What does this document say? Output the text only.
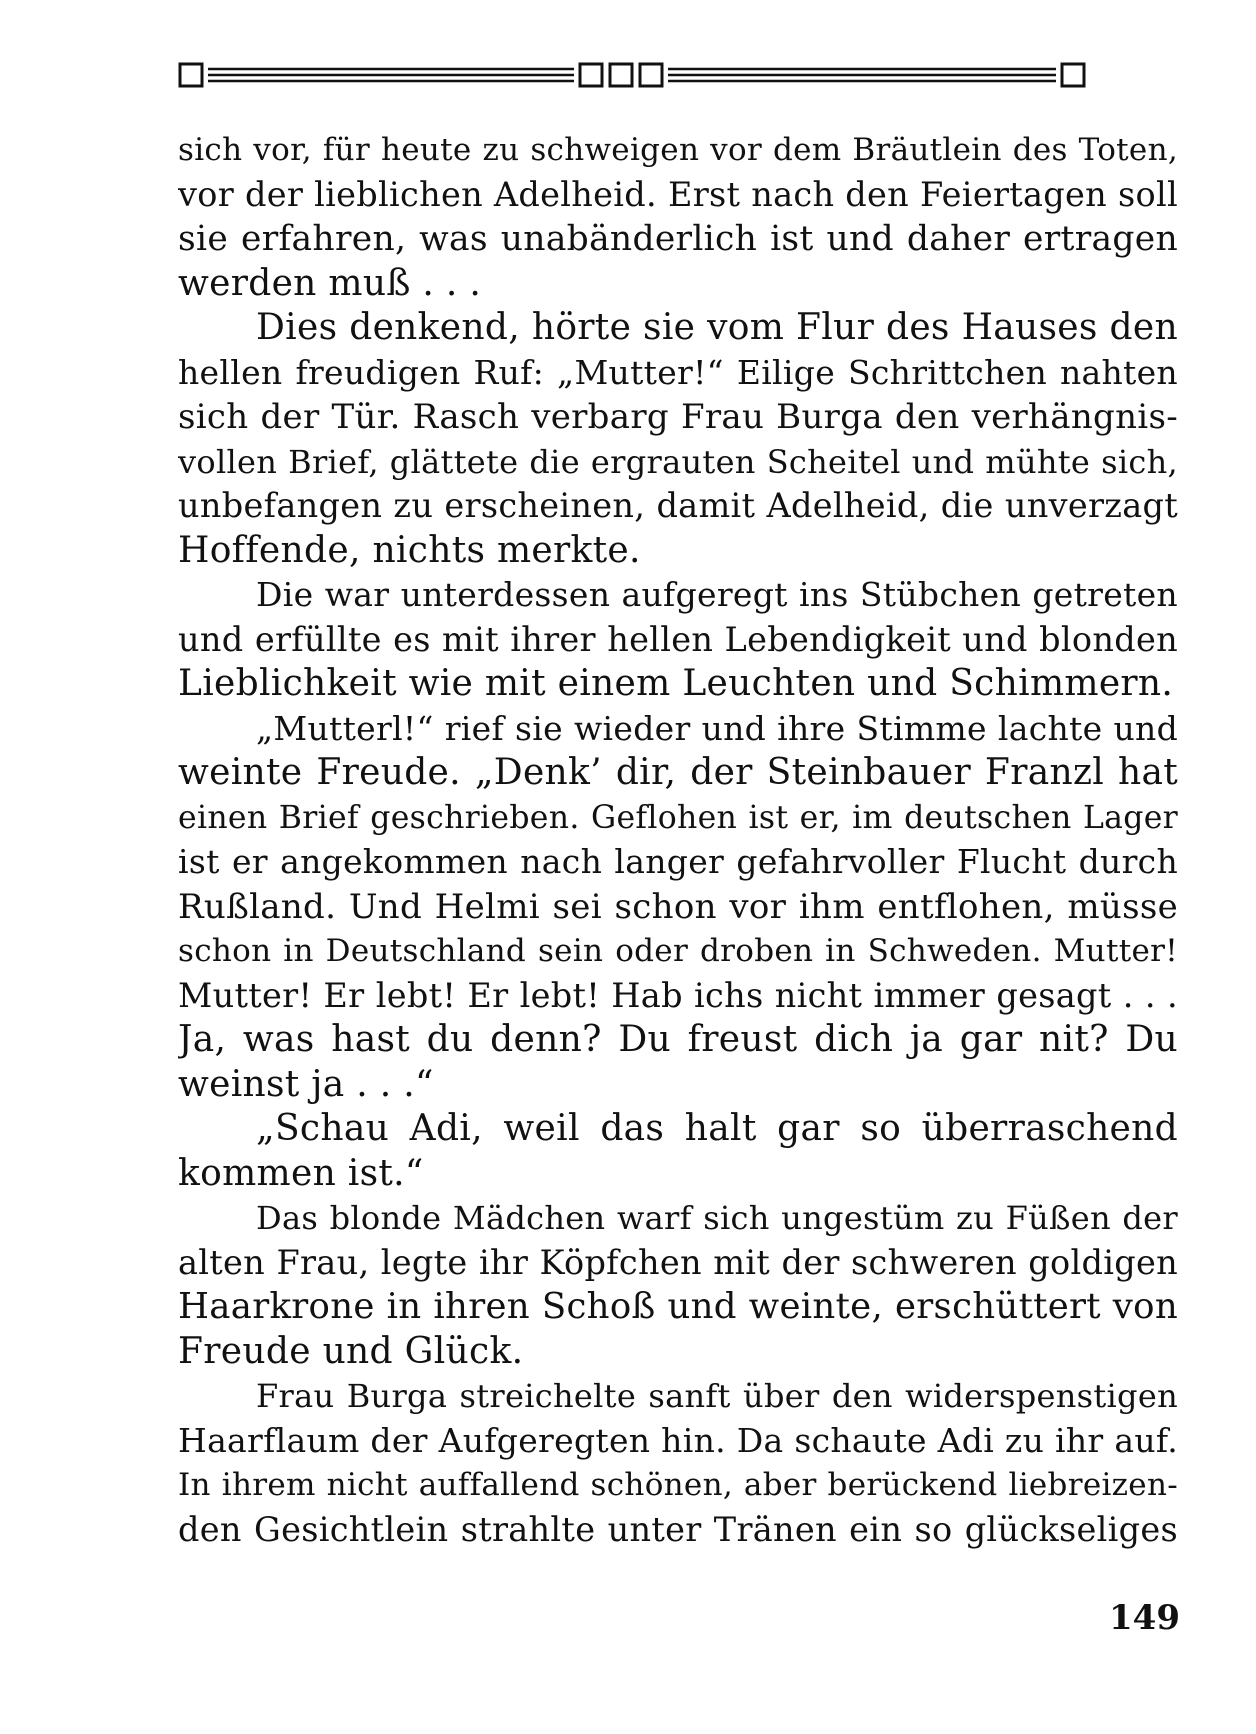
sich vor, für heute zu schweigen vor dem Bräutlein des Toten,
vor der lieblichen Adelheid. Erst nach den Feiertagen soll
sie erfahren, was unabänderlich ist und daher ertragen
werden muß . . .
Dies denkend, hörte sie vom Flur des Hauses den
hellen freudigen Ruf: „Mutter!“ Eilige Schrittchen nahten
sich der Tür. Rasch verbarg Frau Burga den verhängnis-
vollen Brief, glättete die ergrauten Scheitel und mühte sich,
unbefangen zu erscheinen, damit Adelheid, die unverzagt
Hoffende, nichts merkte.
Die war unterdessen aufgeregt ins Stübchen getreten
und erfüllte es mit ihrer hellen Lebendigkeit und blonden
Lieblichkeit wie mit einem Leuchten und Schimmern.
„Mutterl!“ rief sie wieder und ihre Stimme lachte und
weinte Freude. „Denk’ dir, der Steinbauer Franzl hat
einen Brief geschrieben. Geflohen ist er, im deutschen Lager
ist er angekommen nach langer gefahrvoller Flucht durch
Rußland. Und Helmi sei schon vor ihm entflohen, müsse
schon in Deutschland sein oder droben in Schweden. Mutter!
Mutter! Er lebt! Er lebt! Hab ichs nicht immer gesagt . . .
Ja, was hast du denn? Du freust dich ja gar nit? Du
weinst ja . . .“
„Schau Adi, weil das halt gar so überraschend
kommen ist.“
Das blonde Mädchen warf sich ungestüm zu Füßen der
alten Frau, legte ihr Köpfchen mit der schweren goldigen
Haarkrone in ihren Schoß und weinte, erschüttert von
Freude und Glück.
Frau Burga streichelte sanft über den widerspenstigen
Haarflaum der Aufgeregten hin. Da schaute Adi zu ihr auf.
In ihrem nicht auffallend schönen, aber berückend liebreizen-
den Gesichtlein strahlte unter Tränen ein so glückseliges
149
